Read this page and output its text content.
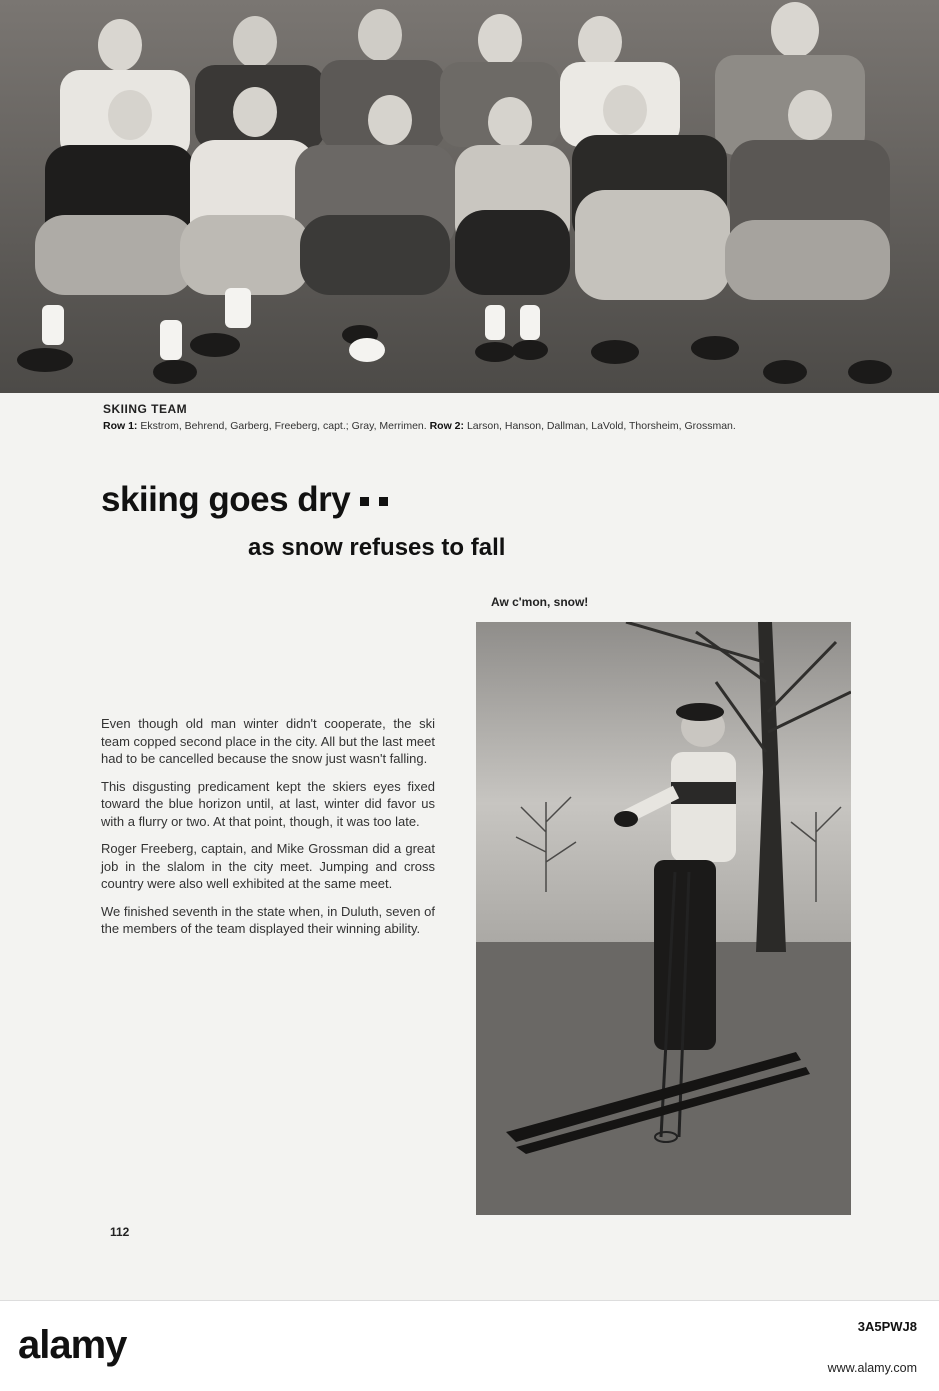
SKIING TEAM
Row 1: Ekstrom, Behrend, Garberg, Freeberg, capt.; Gray, Merrimen. Row 2: Larson, Hanson, Dallman, LaVold, Thorsheim, Grossman.
skiing goes dry
as snow refuses to fall
Aw c'mon, snow!

Even though old man winter didn't cooperate, the ski team copped second place in the city. All but the last meet had to be cancelled because the snow just wasn't falling.

This disgusting predicament kept the skiers eyes fixed toward the blue horizon until, at last, winter did favor us with a flurry or two. At that point, though, it was too late.

Roger Freeberg, captain, and Mike Grossman did a great job in the slalom in the city meet. Jumping and cross country were also well exhibited at the same meet.

We finished seventh in the state when, in Duluth, seven of the members of the team displayed their winning ability.

112
alamy	3A5PWJ8
www.alamy.com
